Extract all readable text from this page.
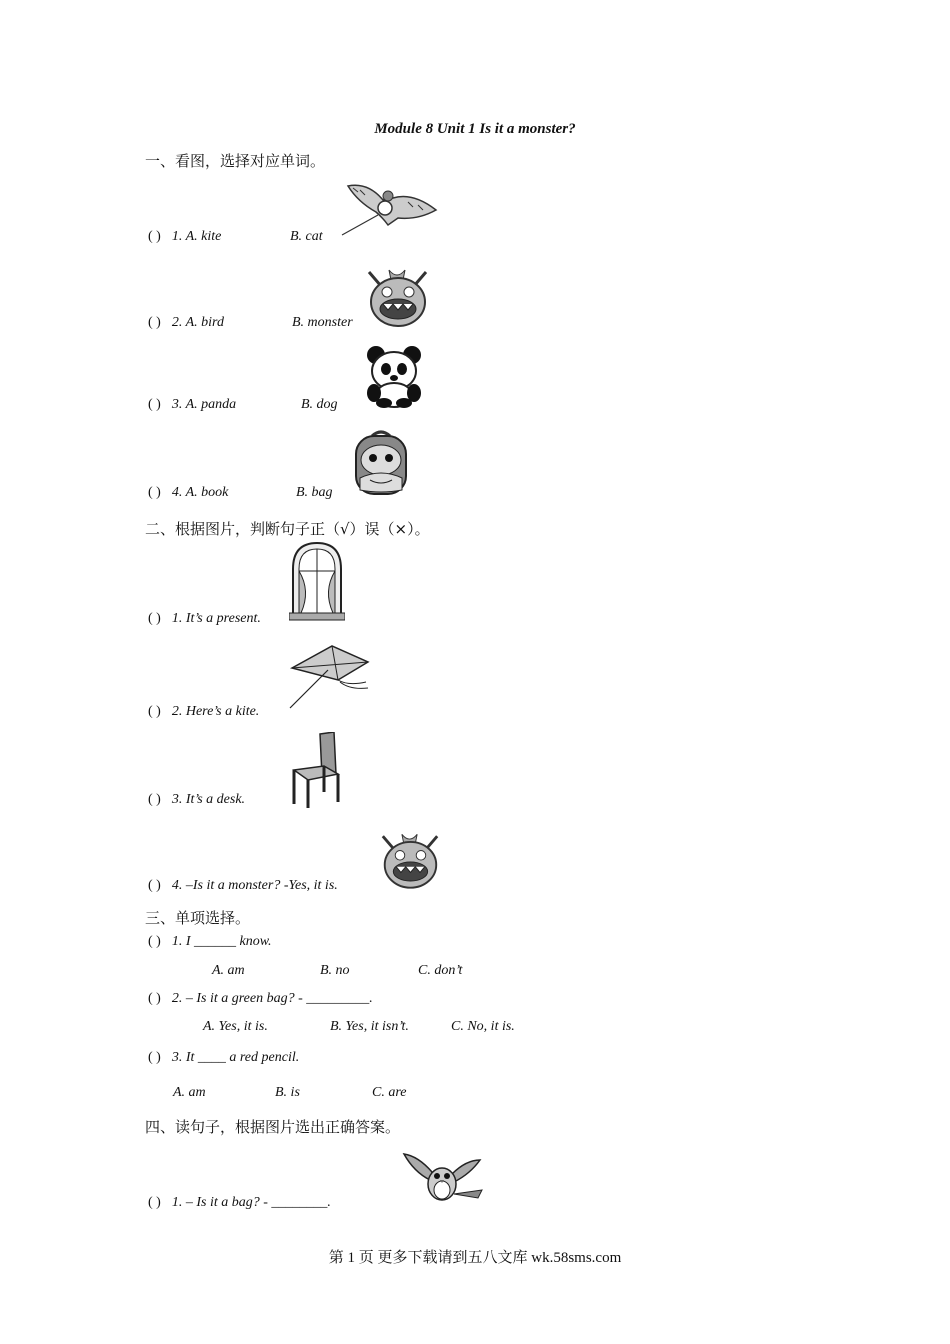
Module 8 Unit 1 Is it a monster?
一、看图，选择对应单词。
( ) 1. A. kite	B. cat
( ) 2. A. bird	B. monster
( ) 3. A. panda	B. dog
( ) 4. A. book	B. bag
二、根据图片，判断句子正（√）误（×）。
( ) 1. It’s a present.
( ) 2. Here’s a kite.
( ) 3. It’s a desk.
( ) 4. –Is it a monster? -Yes, it is.
三、单项选择。
( ) 1. I ______ know.
A. am	B. no	C. don’t
( ) 2. – Is it a green bag? - _________.
A. Yes, it is.	B. Yes, it isn’t.	C. No, it is.
( ) 3. It ____ a red pencil.
A. am	B. is	C. are
四、读句子，根据图片选出正确答案。
( ) 1. – Is it a bag? - ________.
第 1 页 更多下载请到五八文库 wk.58sms.com
